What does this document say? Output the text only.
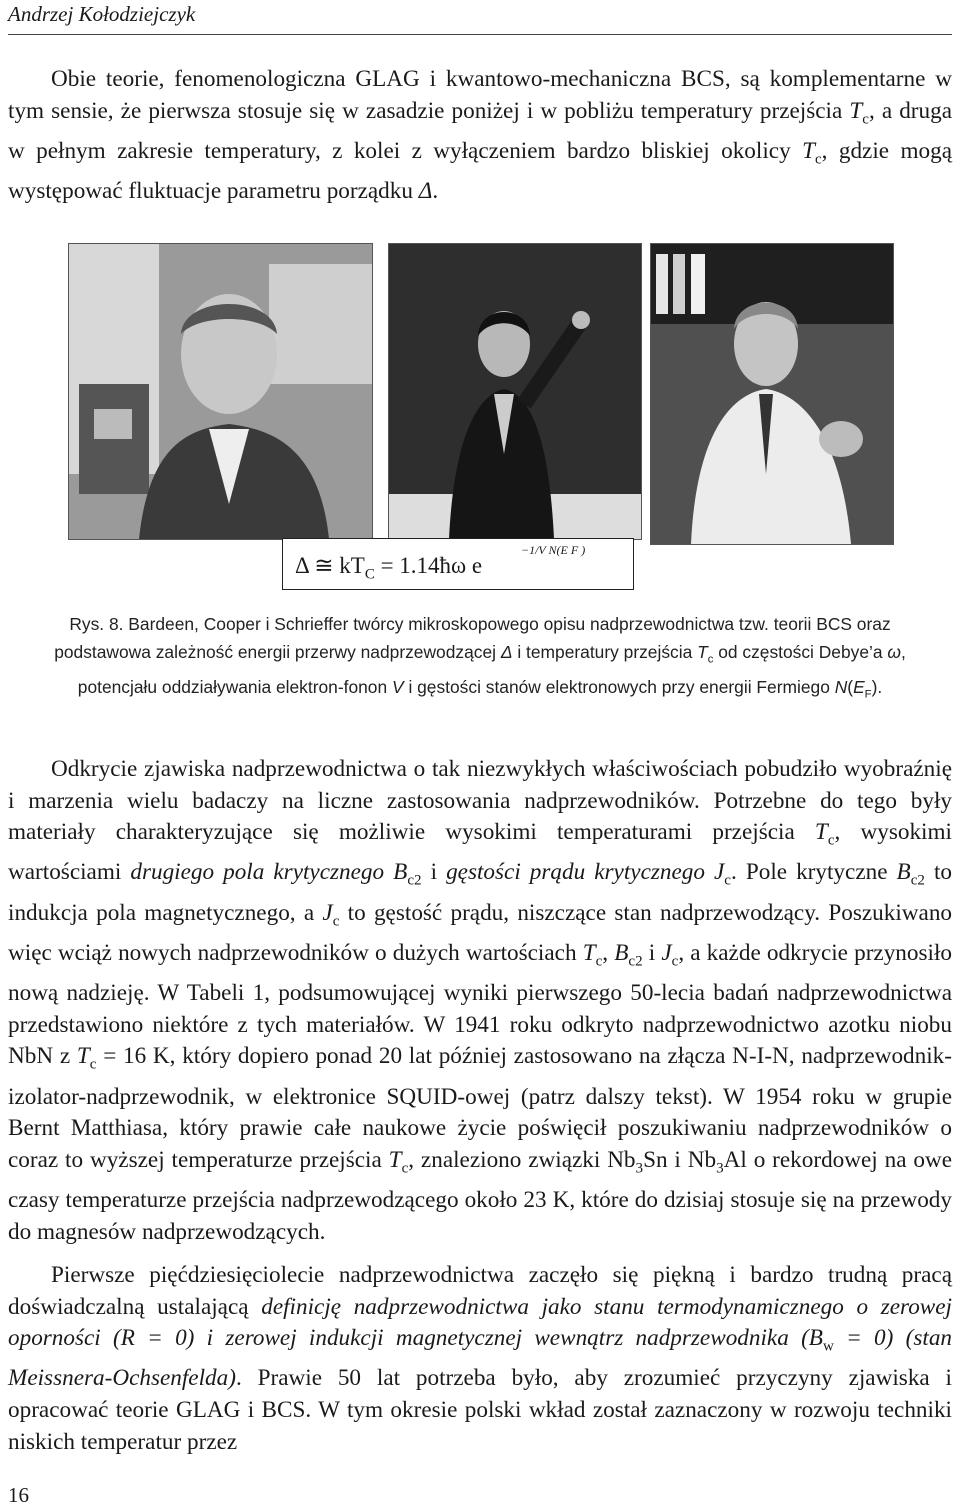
Andrzej Kołodziejczyk

Obie teorie, fenomenologiczna GLAG i kwantowo-mechaniczna BCS, są komplementarne w tym sensie, że pierwsza stosuje się w zasadzie poniżej i w pobliżu temperatury przejścia $T_c$, a druga w pełnym zakresie temperatury, z kolei z wyłączeniem bardzo bliskiej okolicy $T_c$, gdzie mogą występować fluktuacje parametru porządku Δ.

Δ ≅ $kT_C$ = 1.14ħω e
−1/V N(E F )

Rys. 8. Bardeen, Cooper i Schrieffer twórcy mikroskopowego opisu nadprzewodnictwa tzw. teorii BCS oraz podstawowa zależność energii przerwy nadprzewodzącej Δ i temperatury przejścia $T_c$ od częstości Debye’a ω, potencjału oddziaływania elektron-fonon V i gęstości stanów elektronowych przy energii Fermiego $N(E_F)$.

Odkrycie zjawiska nadprzewodnictwa o tak niezwykłych właściwościach pobudziło wyobraźnię i marzenia wielu badaczy na liczne zastosowania nadprzewodników. Potrzebne do tego były materiały charakteryzujące się możliwie wysokimi temperaturami przejścia $T_c$, wysokimi wartościami drugiego pola krytycznego $B_{c2}$ i gęstości prądu krytycznego $J_c$. Pole krytyczne $B_{c2}$ to indukcja pola magnetycznego, a $J_c$ to gęstość prądu, niszczące stan nadprzewodzący. Poszukiwano więc wciąż nowych nadprzewodników o dużych wartościach $T_c$, $B_{c2}$ i $J_c$, a każde odkrycie przynosiło nową nadzieję. W Tabeli 1, podsumowującej wyniki pierwszego 50-lecia badań nadprzewodnictwa przedstawiono niektóre z tych materiałów. W 1941 roku odkryto nadprzewodnictwo azotku niobu NbN z $T_c = 16$ K, który dopiero ponad 20 lat później zastosowano na złącza N-I-N, nadprzewodnik-izolator-nadprzewodnik, w elektronice SQUID-owej (patrz dalszy tekst). W 1954 roku w grupie Bernt Matthiasa, który prawie całe naukowe życie poświęcił poszukiwaniu nadprzewodników o coraz to wyższej temperaturze przejścia $T_c$, znaleziono związki $Nb_3Sn$ i $Nb_3Al$ o rekordowej na owe czasy temperaturze przejścia nadprzewodzącego około 23 K, które do dzisiaj stosuje się na przewody do magnesów nadprzewodzących.

Pierwsze pięćdziesięciolecie nadprzewodnictwa zaczęło się piękną i bardzo trudną pracą doświadczalną ustalającą definicję nadprzewodnictwa jako stanu termodynamicznego o zerowej oporności (R = 0) i zerowej indukcji magnetycznej wewnątrz nadprzewodnika $(B_w = 0)$ (stan Meissnera-Ochsenfelda). Prawie 50 lat potrzeba było, aby zrozumieć przyczyny zjawiska i opracować teorie GLAG i BCS. W tym okresie polski wkład został zaznaczony w rozwoju techniki niskich temperatur przez

16
